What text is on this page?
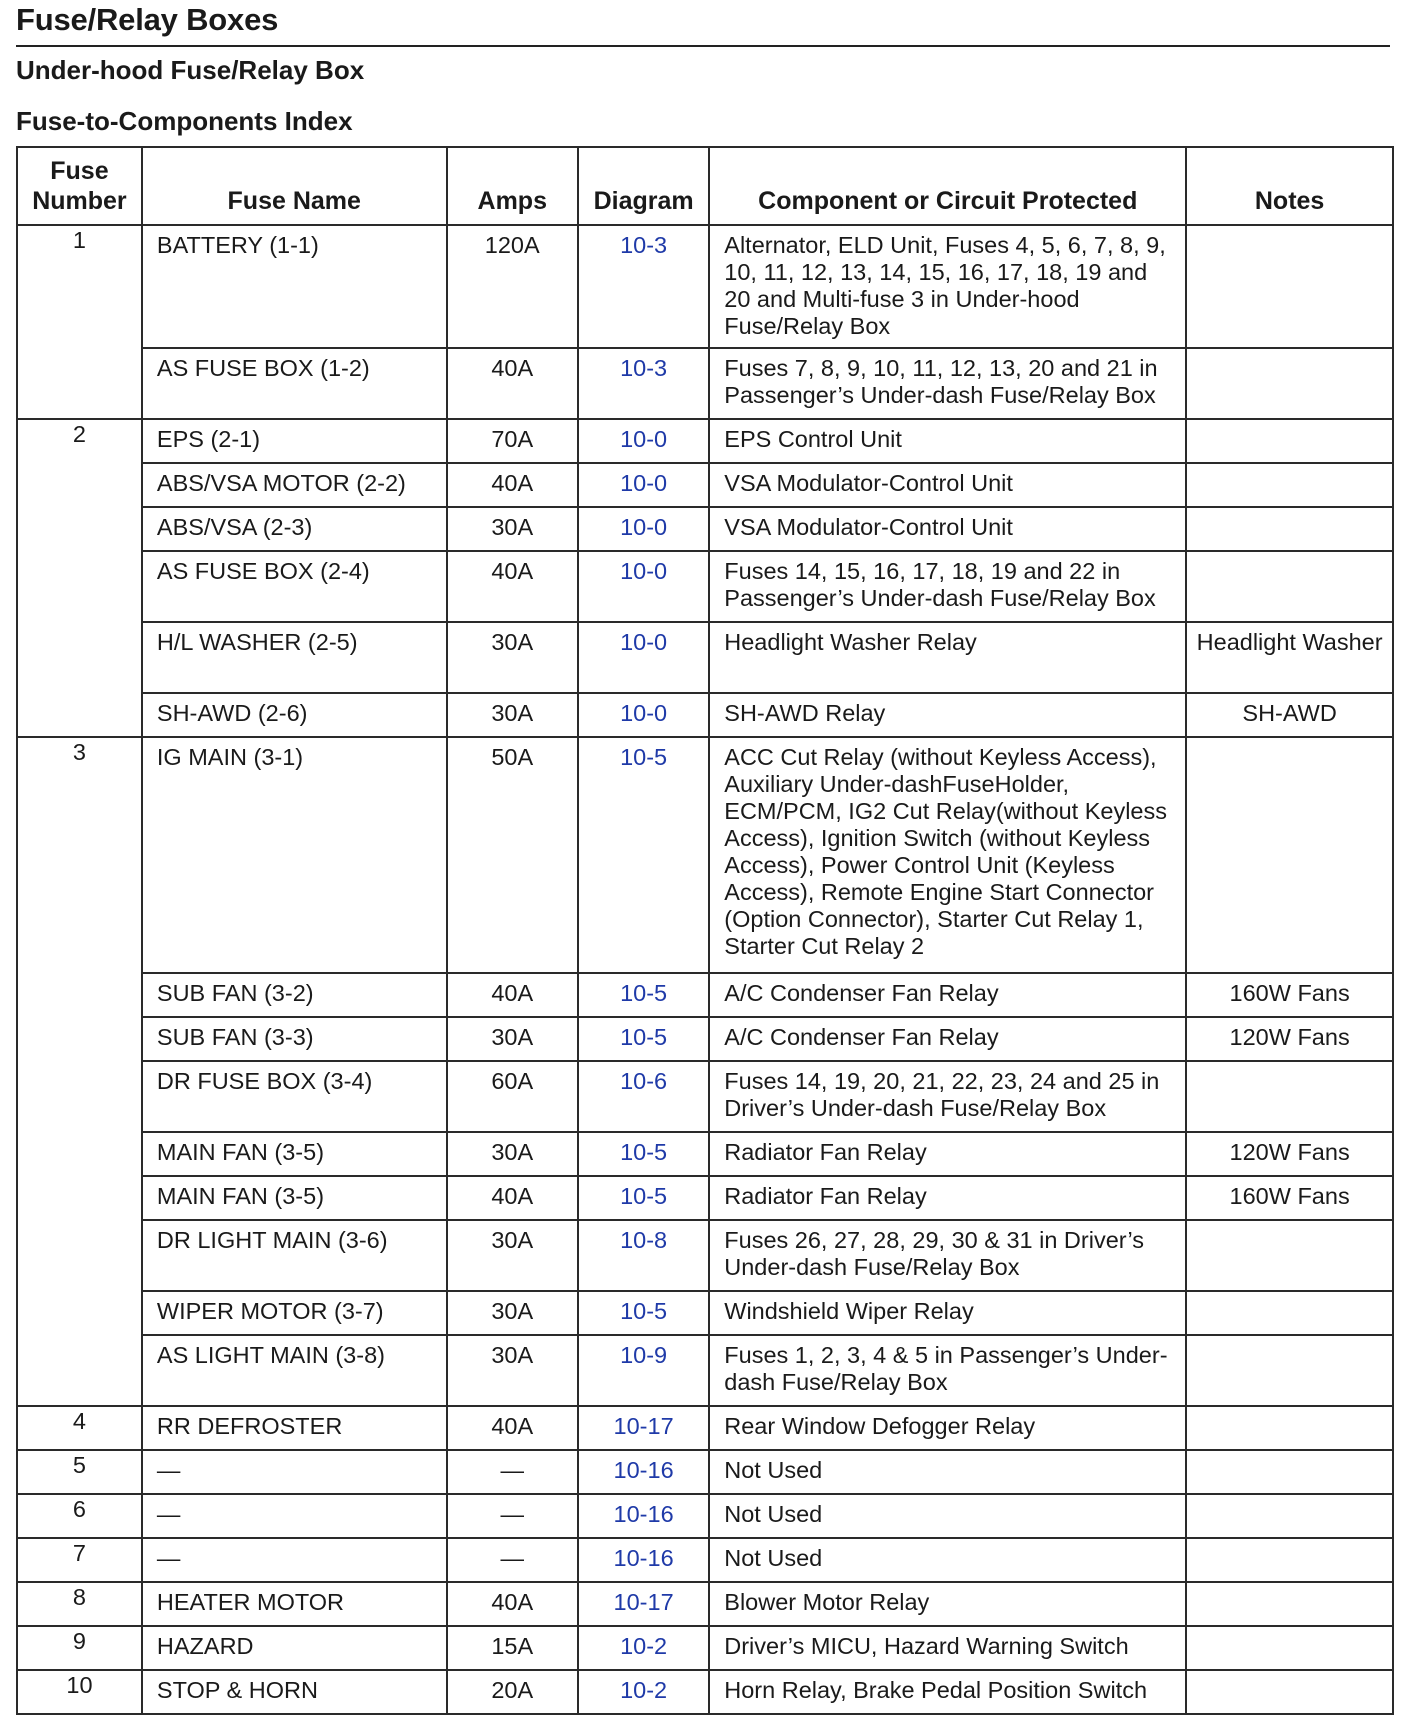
Fuse/Relay Boxes
Under-hood Fuse/Relay Box
Fuse-to-Components Index
Fuse Number	Fuse Name	Amps	Diagram	Component or Circuit Protected	Notes
1	BATTERY (1-1)	120A	10-3	Alternator, ELD Unit, Fuses 4, 5, 6, 7, 8, 9, 10, 11, 12, 13, 14, 15, 16, 17, 18, 19 and 20 and Multi-fuse 3 in Under-hood Fuse/Relay Box	
	AS FUSE BOX (1-2)	40A	10-3	Fuses 7, 8, 9, 10, 11, 12, 13, 20 and 21 in Passenger’s Under-dash Fuse/Relay Box	
2	EPS (2-1)	70A	10-0	EPS Control Unit	
	ABS/VSA MOTOR (2-2)	40A	10-0	VSA Modulator-Control Unit	
	ABS/VSA (2-3)	30A	10-0	VSA Modulator-Control Unit	
	AS FUSE BOX (2-4)	40A	10-0	Fuses 14, 15, 16, 17, 18, 19 and 22 in Passenger’s Under-dash Fuse/Relay Box	
	H/L WASHER (2-5)	30A	10-0	Headlight Washer Relay	Headlight Washer
	SH-AWD (2-6)	30A	10-0	SH-AWD Relay	SH-AWD
3	IG MAIN (3-1)	50A	10-5	ACC Cut Relay (without Keyless Access), Auxiliary Under-dashFuseHolder, ECM/PCM, IG2 Cut Relay(without Keyless Access), Ignition Switch (without Keyless Access), Power Control Unit (Keyless Access), Remote Engine Start Connector (Option Connector), Starter Cut Relay 1, Starter Cut Relay 2	
	SUB FAN (3-2)	40A	10-5	A/C Condenser Fan Relay	160W Fans
	SUB FAN (3-3)	30A	10-5	A/C Condenser Fan Relay	120W Fans
	DR FUSE BOX (3-4)	60A	10-6	Fuses 14, 19, 20, 21, 22, 23, 24 and 25 in Driver’s Under-dash Fuse/Relay Box	
	MAIN FAN (3-5)	30A	10-5	Radiator Fan Relay	120W Fans
	MAIN FAN (3-5)	40A	10-5	Radiator Fan Relay	160W Fans
	DR LIGHT MAIN (3-6)	30A	10-8	Fuses 26, 27, 28, 29, 30 & 31 in Driver’s Under-dash Fuse/Relay Box	
	WIPER MOTOR (3-7)	30A	10-5	Windshield Wiper Relay	
	AS LIGHT MAIN (3-8)	30A	10-9	Fuses 1, 2, 3, 4 & 5 in Passenger’s Under-dash Fuse/Relay Box	
4	RR DEFROSTER	40A	10-17	Rear Window Defogger Relay	
5	—	—	10-16	Not Used	
6	—	—	10-16	Not Used	
7	—	—	10-16	Not Used	
8	HEATER MOTOR	40A	10-17	Blower Motor Relay	
9	HAZARD	15A	10-2	Driver’s MICU, Hazard Warning Switch	
10	STOP & HORN	20A	10-2	Horn Relay, Brake Pedal Position Switch	
